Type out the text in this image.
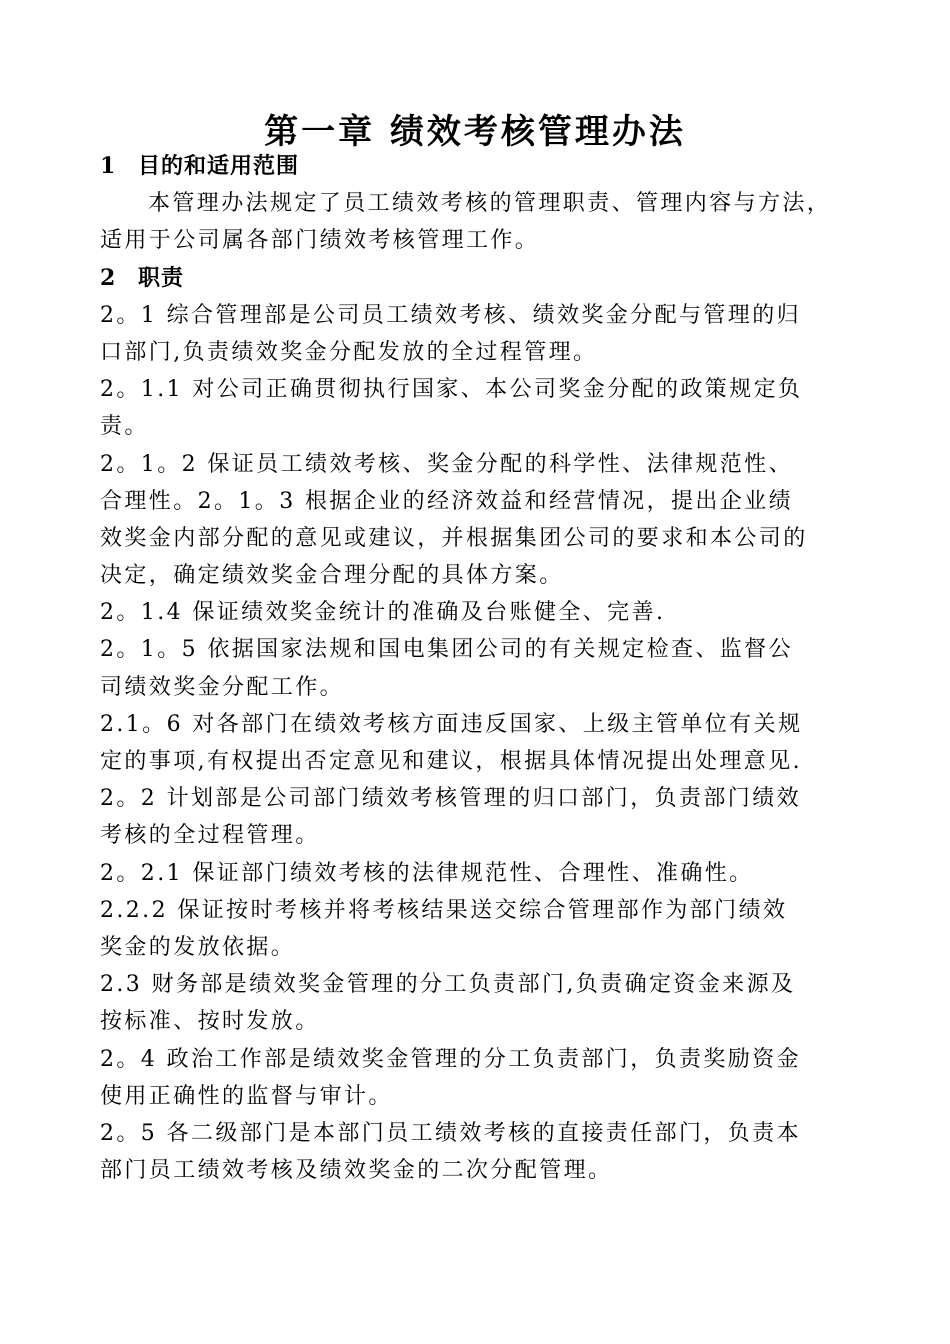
第一章 绩效考核管理办法
1 目的和适用范围
本管理办法规定了员工绩效考核的管理职责、管理内容与方法，
适用于公司属各部门绩效考核管理工作。
2 职责
2。1 综合管理部是公司员工绩效考核、绩效奖金分配与管理的归
口部门,负责绩效奖金分配发放的全过程管理。
2。1.1 对公司正确贯彻执行国家、本公司奖金分配的政策规定负
责。
2。1。2 保证员工绩效考核、奖金分配的科学性、法律规范性、
合理性。2。1。3 根据企业的经济效益和经营情况，提出企业绩
效奖金内部分配的意见或建议，并根据集团公司的要求和本公司的
决定，确定绩效奖金合理分配的具体方案。
2。1.4 保证绩效奖金统计的准确及台账健全、完善.
2。1。5 依据国家法规和国电集团公司的有关规定检查、监督公
司绩效奖金分配工作。
2.1。6 对各部门在绩效考核方面违反国家、上级主管单位有关规
定的事项,有权提出否定意见和建议，根据具体情况提出处理意见.
2。2 计划部是公司部门绩效考核管理的归口部门，负责部门绩效
考核的全过程管理。
2。2.1 保证部门绩效考核的法律规范性、合理性、准确性。
2.2.2 保证按时考核并将考核结果送交综合管理部作为部门绩效
奖金的发放依据。
2.3 财务部是绩效奖金管理的分工负责部门,负责确定资金来源及
按标准、按时发放。
2。4 政治工作部是绩效奖金管理的分工负责部门，负责奖励资金
使用正确性的监督与审计。
2。5 各二级部门是本部门员工绩效考核的直接责任部门，负责本
部门员工绩效考核及绩效奖金的二次分配管理。
